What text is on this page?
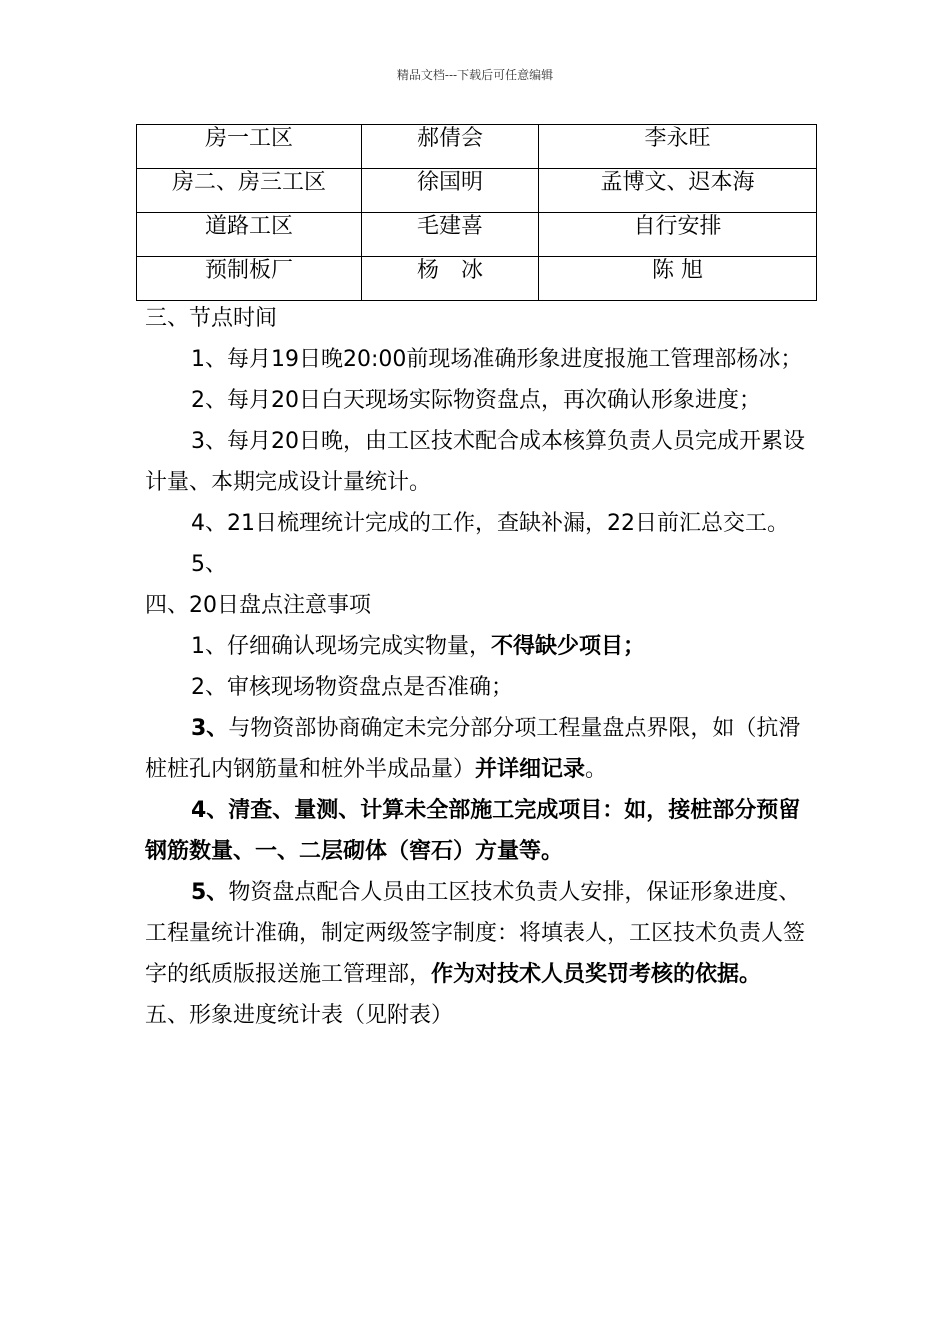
精品文档---下载后可任意编辑
房一工区	郝倩会	李永旺
房二、房三工区	徐国明	孟博文、迟本海
道路工区	毛建喜	自行安排
预制板厂	杨　冰	陈 旭

三、节点时间

1、每月19日晚20:00前现场准确形象进度报施工管理部杨冰；

2、每月20日白天现场实际物资盘点，再次确认形象进度；

3、每月20日晚，由工区技术配合成本核算负责人员完成开累设计量、本期完成设计量统计。

4、21日梳理统计完成的工作，查缺补漏，22日前汇总交工。

5、

四、20日盘点注意事项

1、仔细确认现场完成实物量，不得缺少项目；

2、审核现场物资盘点是否准确；

3、与物资部协商确定未完分部分项工程量盘点界限，如（抗滑桩桩孔内钢筋量和桩外半成品量）并详细记录。

4、清查、量测、计算未全部施工完成项目：如，接桩部分预留钢筋数量、一、二层砌体（窖石）方量等。

5、物资盘点配合人员由工区技术负责人安排，保证形象进度、工程量统计准确，制定两级签字制度：将填表人，工区技术负责人签字的纸质版报送施工管理部，作为对技术人员奖罚考核的依据。

五、形象进度统计表（见附表）
